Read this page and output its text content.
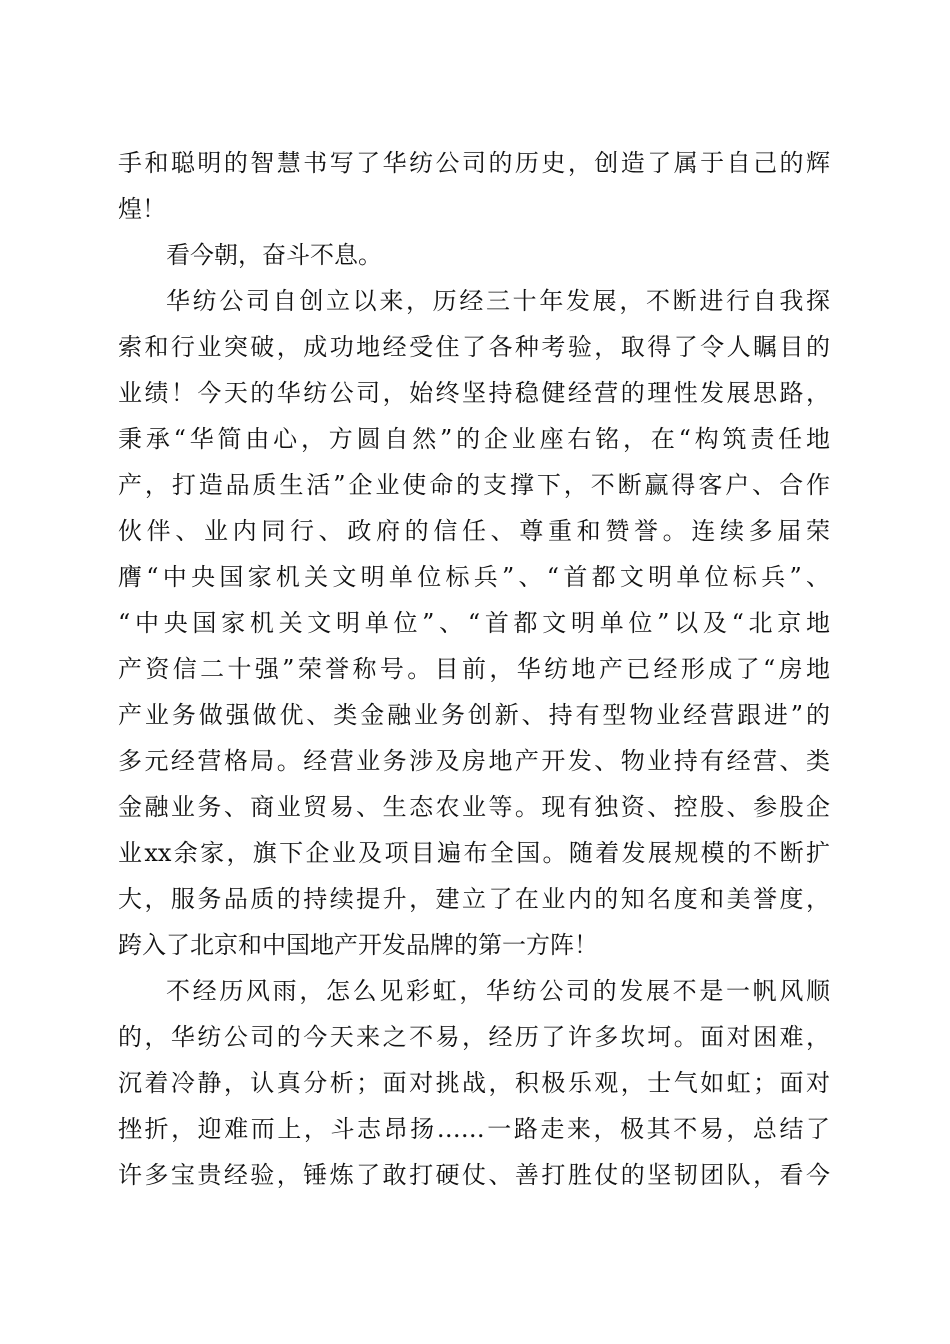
手和聪明的智慧书写了华纺公司的历史，创造了属于自己的辉
煌！

看今朝，奋斗不息。

华纺公司自创立以来，历经三十年发展，不断进行自我探
索和行业突破，成功地经受住了各种考验，取得了令人瞩目的
业绩！今天的华纺公司，始终坚持稳健经营的理性发展思路，
秉承“华简由心，方圆自然”的企业座右铭，在“构筑责任地
产，打造品质生活”企业使命的支撑下，不断赢得客户、合作
伙伴、业内同行、政府的信任、尊重和赞誉。连续多届荣
膺“中央国家机关文明单位标兵”、“首都文明单位标兵”、
“中央国家机关文明单位”、“首都文明单位”以及“北京地
产资信二十强”荣誉称号。目前，华纺地产已经形成了“房地
产业务做强做优、类金融业务创新、持有型物业经营跟进”的
多元经营格局。经营业务涉及房地产开发、物业持有经营、类
金融业务、商业贸易、生态农业等。现有独资、控股、参股企
业xx余家，旗下企业及项目遍布全国。随着发展规模的不断扩
大，服务品质的持续提升，建立了在业内的知名度和美誉度，
跨入了北京和中国地产开发品牌的第一方阵！

不经历风雨，怎么见彩虹，华纺公司的发展不是一帆风顺
的，华纺公司的今天来之不易，经历了许多坎坷。面对困难，
沉着冷静，认真分析；面对挑战，积极乐观，士气如虹；面对
挫折，迎难而上，斗志昂扬……一路走来，极其不易，总结了
许多宝贵经验，锤炼了敢打硬仗、善打胜仗的坚韧团队，看今
